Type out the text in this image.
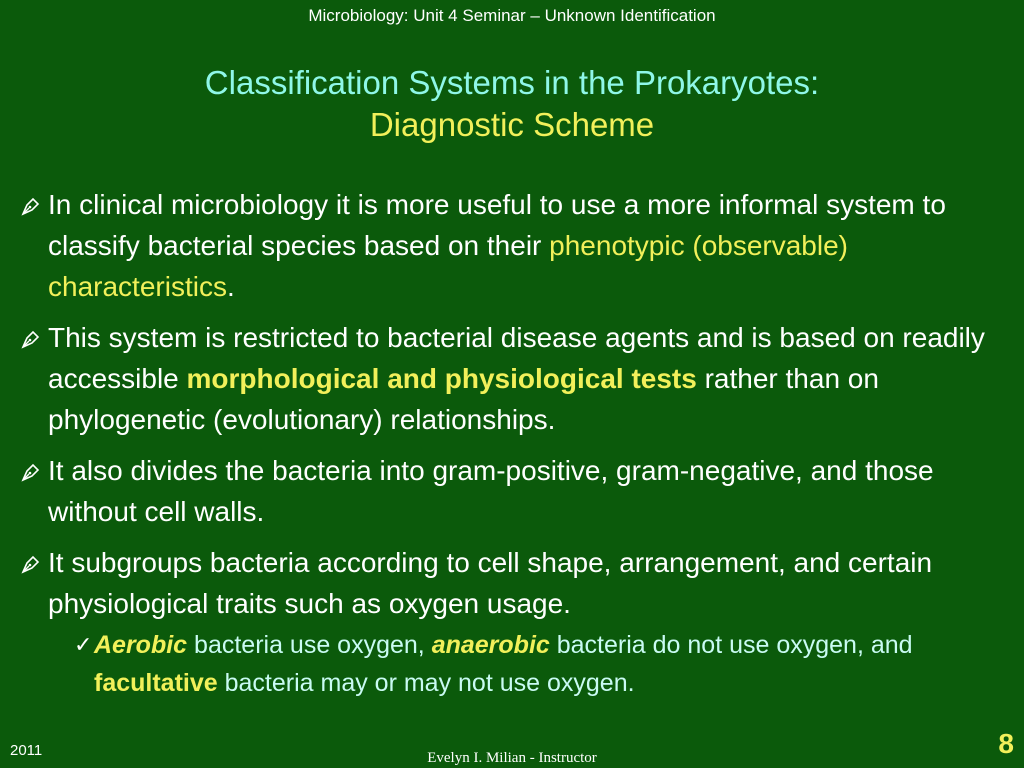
Microbiology: Unit 4 Seminar – Unknown Identification
Classification Systems in the Prokaryotes:
Diagnostic Scheme
In clinical microbiology it is more useful to use a more informal system to classify bacterial species based on their phenotypic (observable) characteristics.
This system is restricted to bacterial disease agents and is based on readily accessible morphological and physiological tests rather than on phylogenetic (evolutionary) relationships.
It also divides the bacteria into gram-positive, gram-negative, and those without cell walls.
It subgroups bacteria according to cell shape, arrangement, and certain physiological traits such as oxygen usage.
✓ Aerobic bacteria use oxygen, anaerobic bacteria do not use oxygen, and facultative bacteria may or may not use oxygen.
2011	Evelyn I. Milian - Instructor	8
